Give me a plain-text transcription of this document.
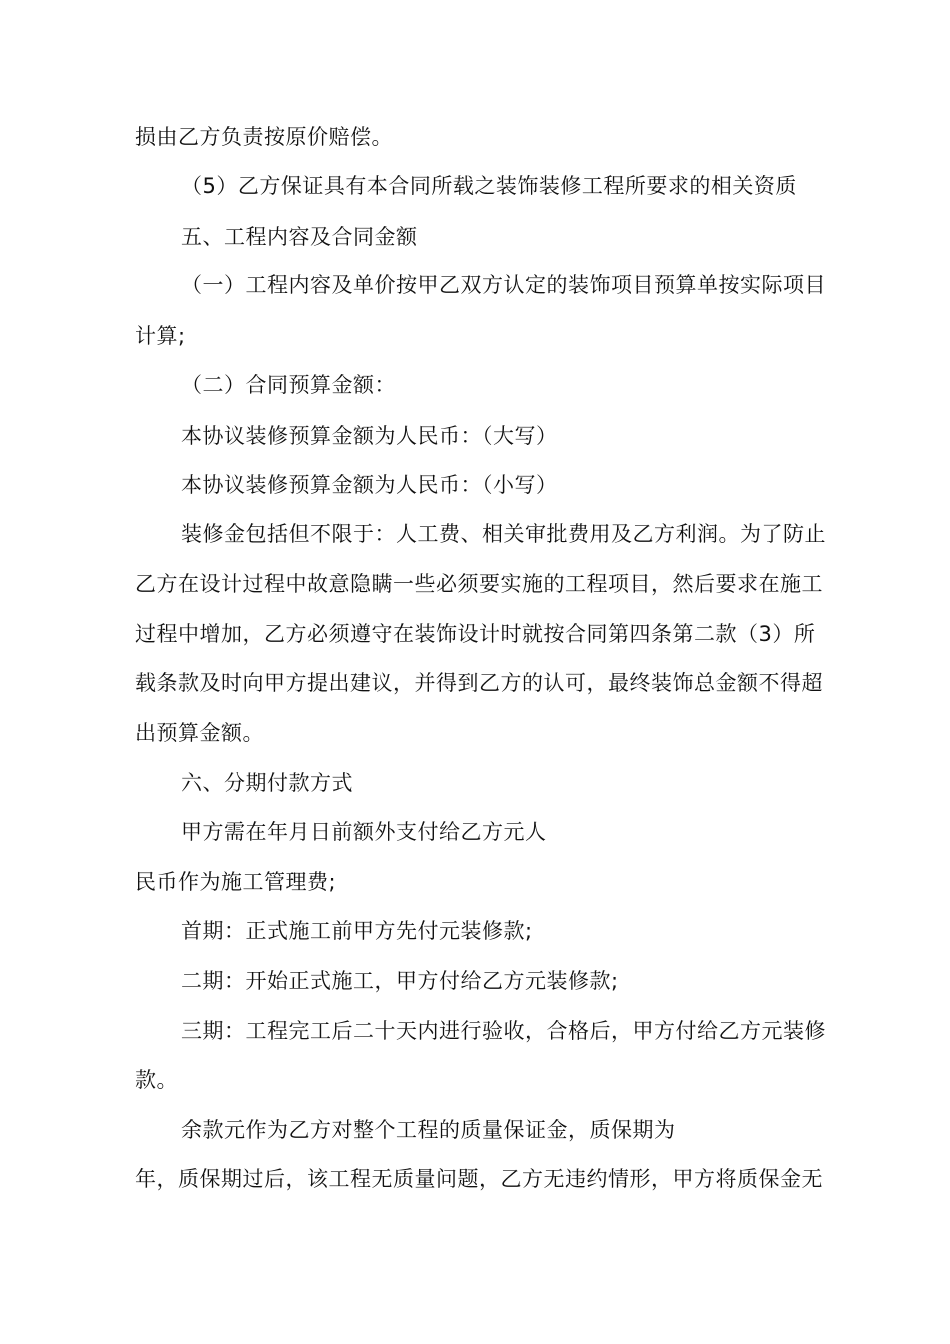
损由乙方负责按原价赔偿。
（5）乙方保证具有本合同所载之装饰装修工程所要求的相关资质
五、工程内容及合同金额
（一）工程内容及单价按甲乙双方认定的装饰项目预算单按实际项目
计算;
（二）合同预算金额：
本协议装修预算金额为人民币：（大写）
本协议装修预算金额为人民币：（小写）
装修金包括但不限于：人工费、相关审批费用及乙方利润。为了防止
乙方在设计过程中故意隐瞒一些必须要实施的工程项目，然后要求在施工
过程中增加，乙方必须遵守在装饰设计时就按合同第四条第二款（3）所
载条款及时向甲方提出建议，并得到乙方的认可，最终装饰总金额不得超
出预算金额。
六、分期付款方式
甲方需在年月日前额外支付给乙方元人
民币作为施工管理费;
首期：正式施工前甲方先付元装修款;
二期：开始正式施工，甲方付给乙方元装修款;
三期：工程完工后二十天内进行验收，合格后，甲方付给乙方元装修
款。
余款元作为乙方对整个工程的质量保证金，质保期为
年，质保期过后，该工程无质量问题，乙方无违约情形，甲方将质保金无
